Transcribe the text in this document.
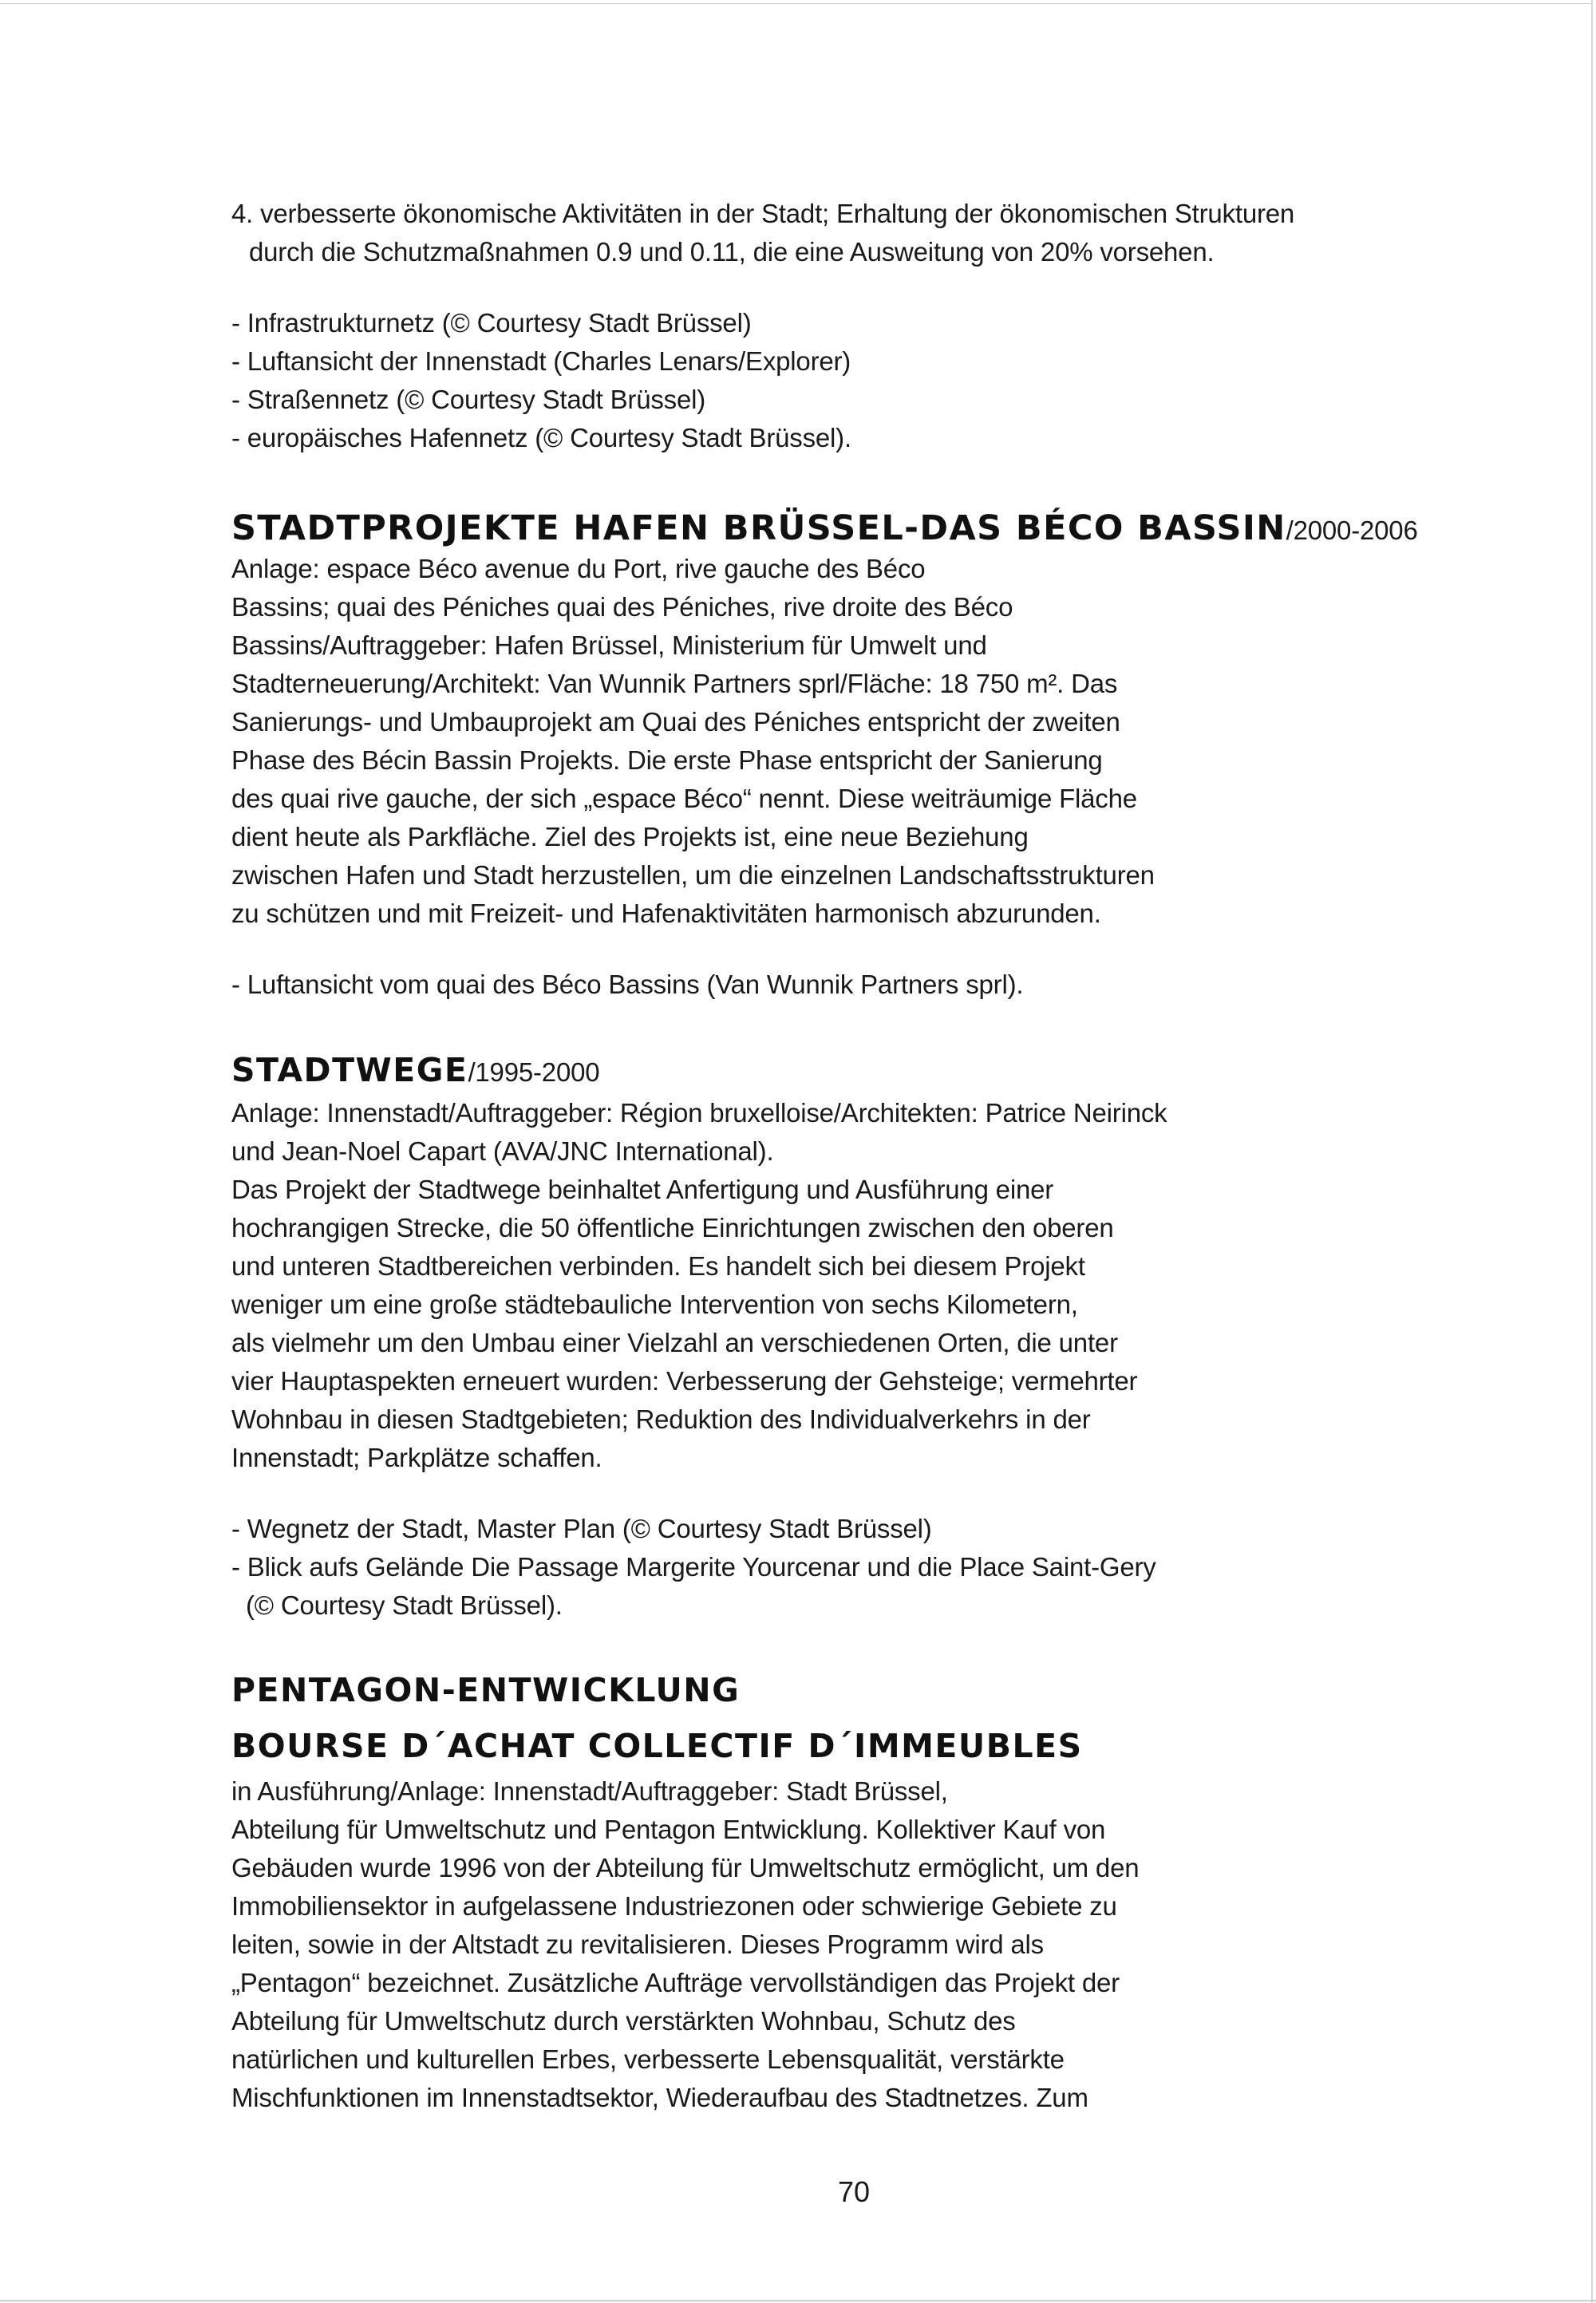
4. verbesserte ökonomische Aktivitäten in der Stadt; Erhaltung der ökonomischen Strukturen
durch die Schutzmaßnahmen 0.9 und 0.11, die eine Ausweitung von 20% vorsehen.
- Infrastrukturnetz (© Courtesy Stadt Brüssel)
- Luftansicht der Innenstadt (Charles Lenars/Explorer)
- Straßennetz (© Courtesy Stadt Brüssel)
- europäisches Hafennetz (© Courtesy Stadt Brüssel).
STADTPROJEKTE HAFEN BRÜSSEL-DAS BÉCO BASSIN/2000-2006
Anlage: espace Béco avenue du Port, rive gauche des Béco
Bassins; quai des Péniches quai des Péniches, rive droite des Béco
Bassins/Auftraggeber: Hafen Brüssel, Ministerium für Umwelt und
Stadterneuerung/Architekt: Van Wunnik Partners sprl/Fläche: 18 750 m². Das
Sanierungs- und Umbauprojekt am Quai des Péniches entspricht der zweiten
Phase des Bécin Bassin Projekts. Die erste Phase entspricht der Sanierung
des quai rive gauche, der sich „espace Béco“ nennt. Diese weiträumige Fläche
dient heute als Parkfläche. Ziel des Projekts ist, eine neue Beziehung
zwischen Hafen und Stadt herzustellen, um die einzelnen Landschaftsstrukturen
zu schützen und mit Freizeit- und Hafenaktivitäten harmonisch abzurunden.
- Luftansicht vom quai des Béco Bassins (Van Wunnik Partners sprl).
STADTWEGE/1995-2000
Anlage: Innenstadt/Auftraggeber: Région bruxelloise/Architekten: Patrice Neirinck
und Jean-Noel Capart (AVA/JNC International).
Das Projekt der Stadtwege beinhaltet Anfertigung und Ausführung einer
hochrangigen Strecke, die 50 öffentliche Einrichtungen zwischen den oberen
und unteren Stadtbereichen verbinden. Es handelt sich bei diesem Projekt
weniger um eine große städtebauliche Intervention von sechs Kilometern,
als vielmehr um den Umbau einer Vielzahl an verschiedenen Orten, die unter
vier Hauptaspekten erneuert wurden: Verbesserung der Gehsteige; vermehrter
Wohnbau in diesen Stadtgebieten; Reduktion des Individualverkehrs in der
Innenstadt; Parkplätze schaffen.
- Wegnetz der Stadt, Master Plan (© Courtesy Stadt Brüssel)
- Blick aufs Gelände Die Passage Margerite Yourcenar und die Place Saint-Gery
(© Courtesy Stadt Brüssel).
PENTAGON-ENTWICKLUNG
BOURSE D´ACHAT COLLECTIF D´IMMEUBLES
in Ausführung/Anlage: Innenstadt/Auftraggeber: Stadt Brüssel,
Abteilung für Umweltschutz und Pentagon Entwicklung. Kollektiver Kauf von
Gebäuden wurde 1996 von der Abteilung für Umweltschutz ermöglicht, um den
Immobiliensektor in aufgelassene Industriezonen oder schwierige Gebiete zu
leiten, sowie in der Altstadt zu revitalisieren. Dieses Programm wird als
„Pentagon“ bezeichnet. Zusätzliche Aufträge vervollständigen das Projekt der
Abteilung für Umweltschutz durch verstärkten Wohnbau, Schutz des
natürlichen und kulturellen Erbes, verbesserte Lebensqualität, verstärkte
Mischfunktionen im Innenstadtsektor, Wiederaufbau des Stadtnetzes. Zum
70
